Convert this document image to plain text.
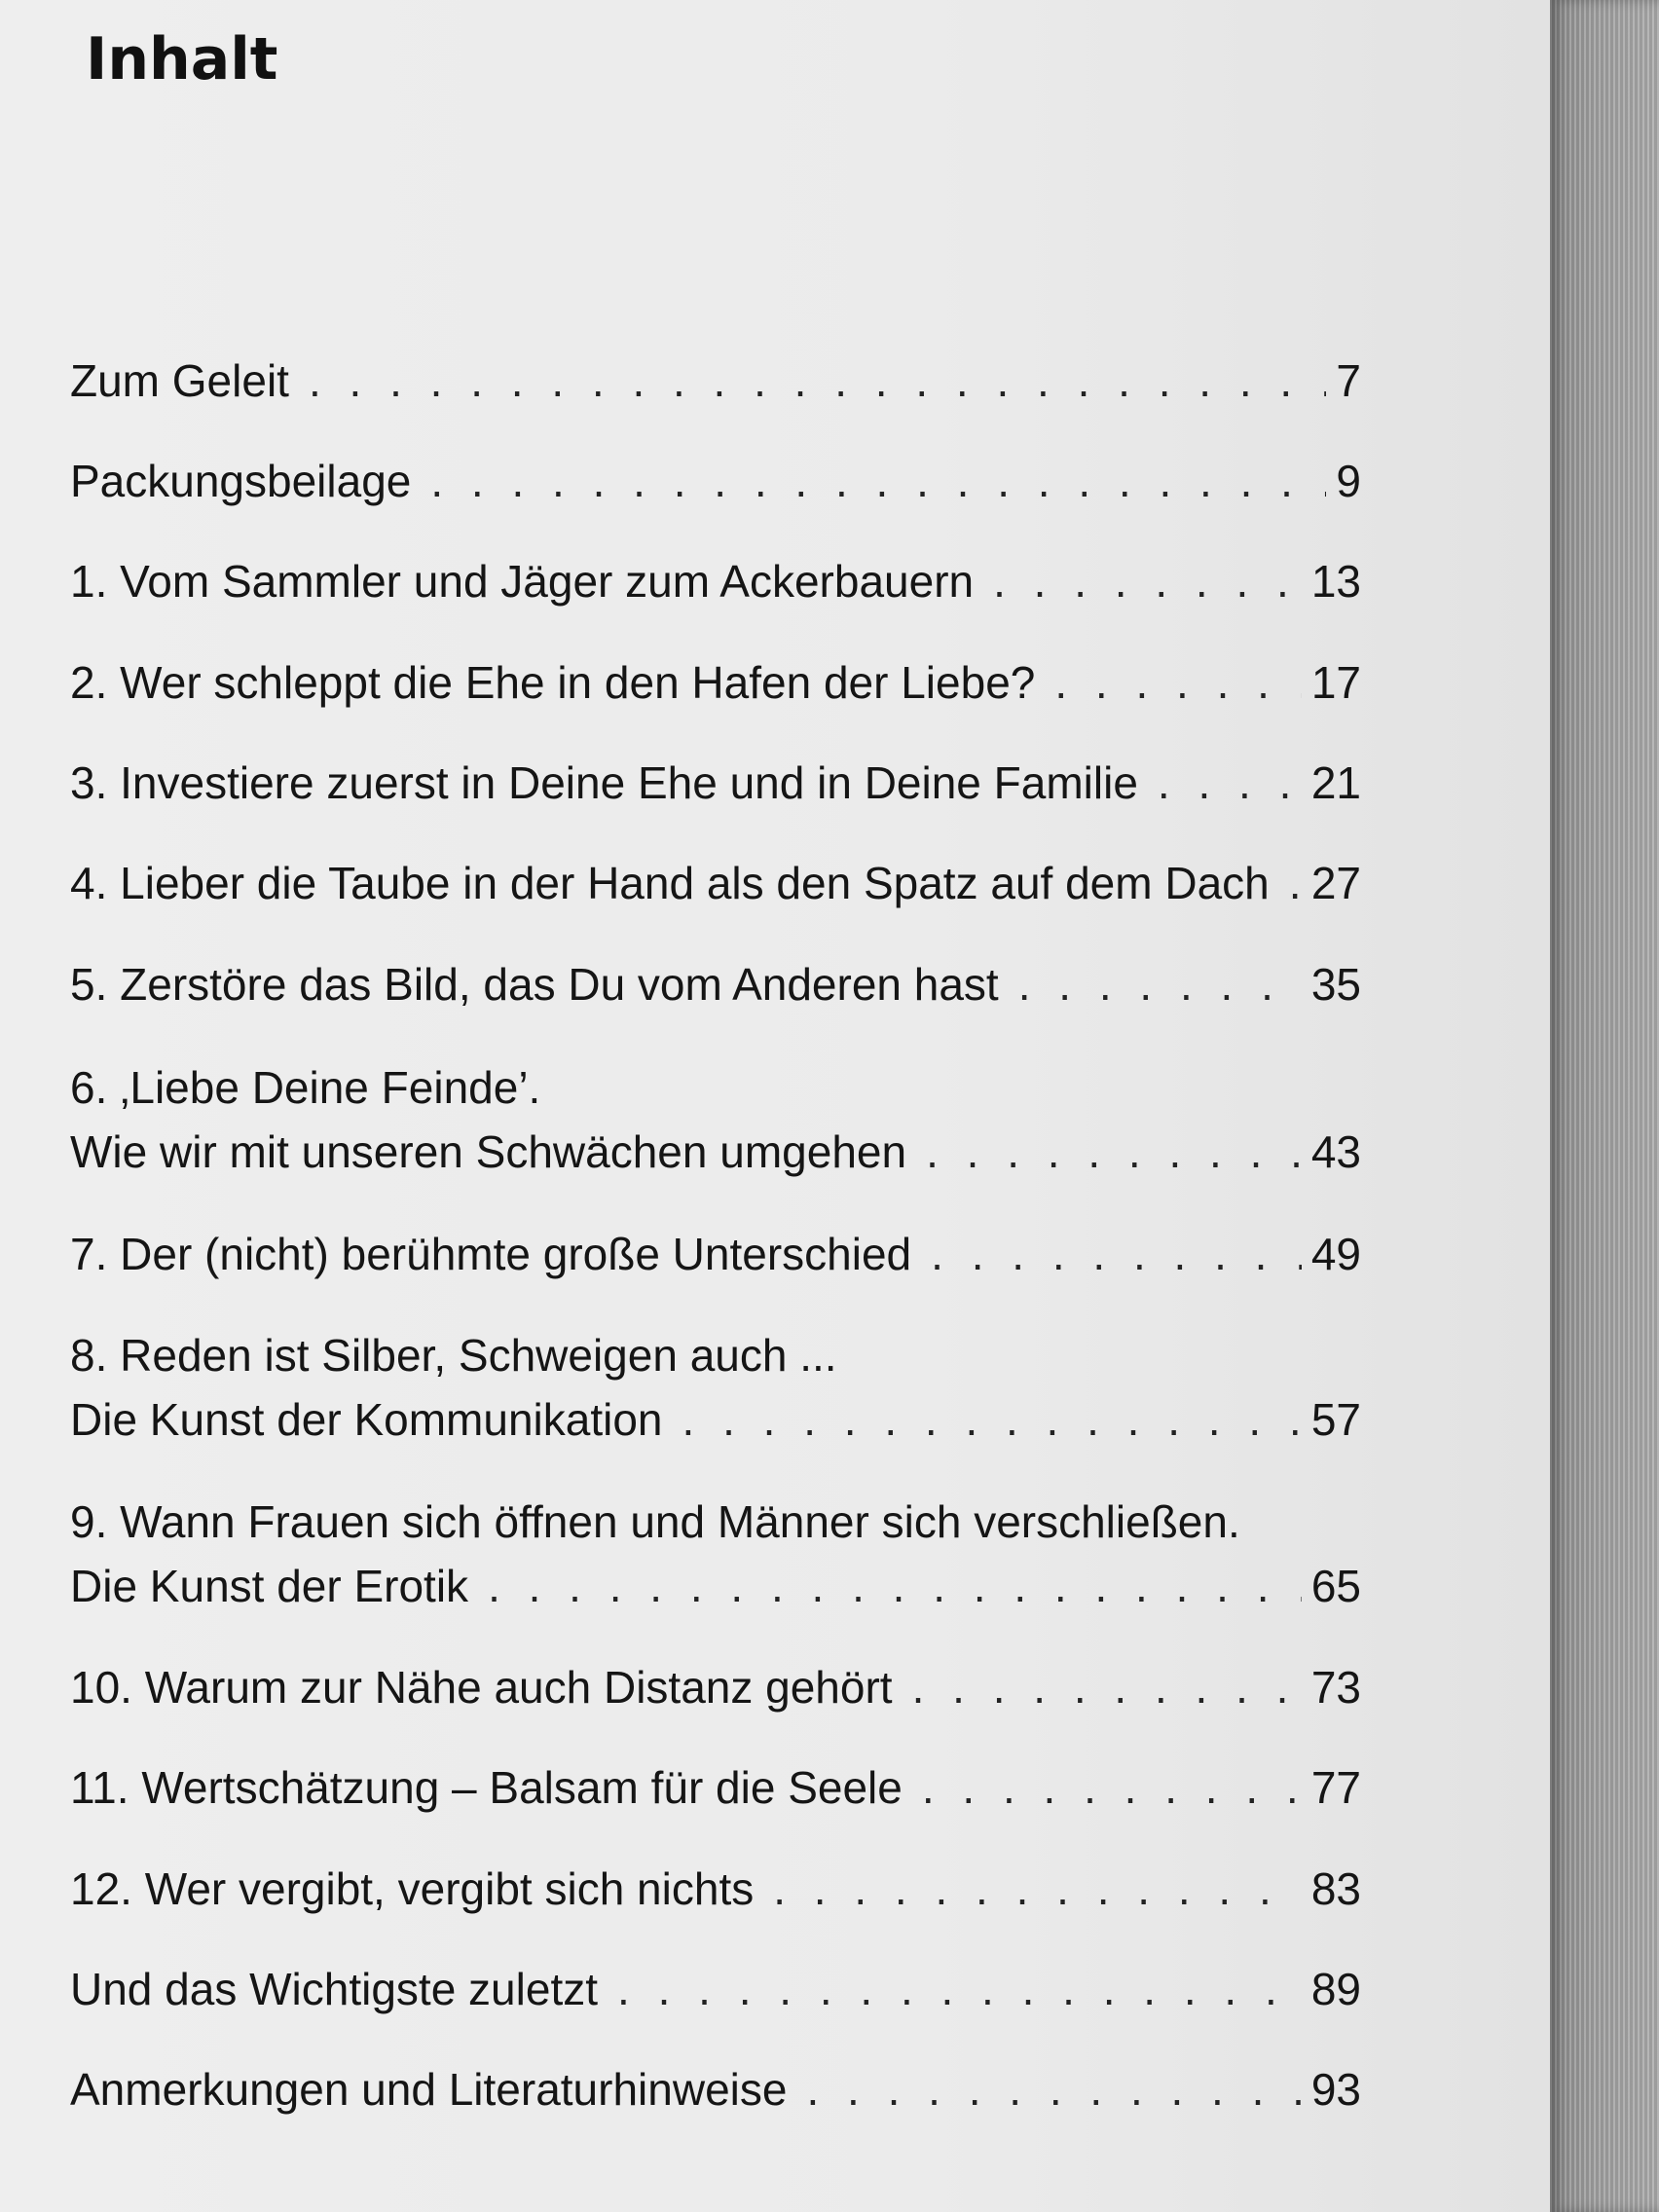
Inhalt
Zum Geleit . . .	7
Packungsbeilage . . .	9
1. Vom Sammler und Jäger zum Ackerbauern . . .	13
2. Wer schleppt die Ehe in den Hafen der Liebe? . . .	17
3. Investiere zuerst in Deine Ehe und in Deine Familie . . .	21
4. Lieber die Taube in der Hand als den Spatz auf dem Dach . . . 27
5. Zerstöre das Bild, das Du vom Anderen hast . . .	35
6. ‚Liebe Deine Feinde’.
Wie wir mit unseren Schwächen umgehen . . .	43
7. Der (nicht) berühmte große Unterschied . . .	49
8. Reden ist Silber, Schweigen auch ...
Die Kunst der Kommunikation . . .	57
9. Wann Frauen sich öffnen und Männer sich verschließen.
Die Kunst der Erotik . . .	65
10. Warum zur Nähe auch Distanz gehört . . .	73
11. Wertschätzung – Balsam für die Seele . . .	77
12. Wer vergibt, vergibt sich nichts . . .	83
Und das Wichtigste zuletzt . . .	89
Anmerkungen und Literaturhinweise . . .	93
